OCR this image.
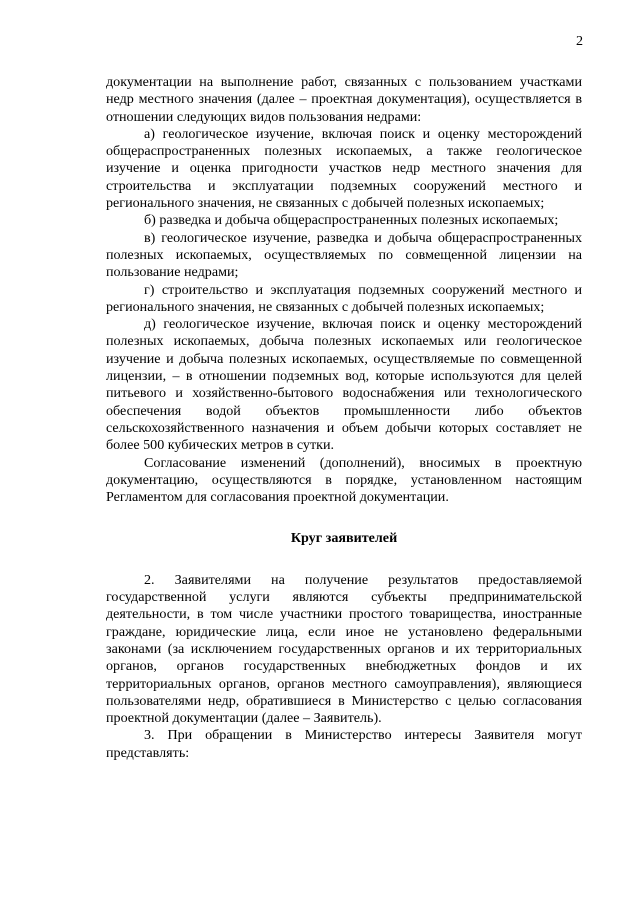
2

документации на выполнение работ, связанных с пользованием участками недр местного значения (далее – проектная документация), осуществляется в отношении следующих видов пользования недрами:

а) геологическое изучение, включая поиск и оценку месторождений общераспространенных полезных ископаемых, а также геологическое изучение и оценка пригодности участков недр местного значения для строительства и эксплуатации подземных сооружений местного и регионального значения, не связанных с добычей полезных ископаемых;

б) разведка и добыча общераспространенных полезных ископаемых;

в) геологическое изучение, разведка и добыча общераспространенных полезных ископаемых, осуществляемых по совмещенной лицензии на пользование недрами;

г) строительство и эксплуатация подземных сооружений местного и регионального значения, не связанных с добычей полезных ископаемых;

д) геологическое изучение, включая поиск и оценку месторождений полезных ископаемых, добыча полезных ископаемых или геологическое изучение и добыча полезных ископаемых, осуществляемые по совмещенной лицензии, – в отношении подземных вод, которые используются для целей питьевого и хозяйственно-бытового водоснабжения или технологического обеспечения водой объектов промышленности либо объектов сельскохозяйственного назначения и объем добычи которых составляет не более 500 кубических метров в сутки.

Согласование изменений (дополнений), вносимых в проектную документацию, осуществляются в порядке, установленном настоящим Регламентом для согласования проектной документации.

Круг заявителей

2. Заявителями на получение результатов предоставляемой государственной услуги являются субъекты предпринимательской деятельности, в том числе участники простого товарищества, иностранные граждане, юридические лица, если иное не установлено федеральными законами (за исключением государственных органов и их территориальных органов, органов государственных внебюджетных фондов и их территориальных органов, органов местного самоуправления), являющиеся пользователями недр, обратившиеся в Министерство с целью согласования проектной документации (далее – Заявитель).

3. При обращении в Министерство интересы Заявителя могут представлять:
